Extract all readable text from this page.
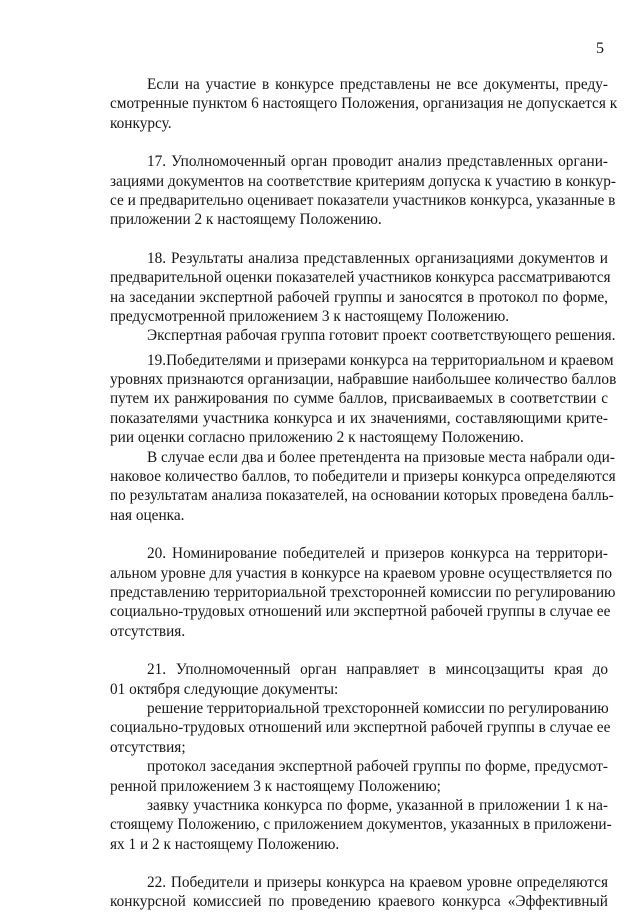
5
Если на участие в конкурсе представлены не все документы, преду-
смотренные пунктом 6 настоящего Положения, организация не допускается к
конкурсу.
17. Уполномоченный орган проводит анализ представленных органи-
зациями документов на соответствие критериям допуска к участию в конкур-
се и предварительно оценивает показатели участников конкурса, указанные в
приложении 2 к настоящему Положению.
18. Результаты анализа представленных организациями документов и
предварительной оценки показателей участников конкурса рассматриваются
на заседании экспертной рабочей группы и заносятся в протокол по форме,
предусмотренной приложением 3 к настоящему Положению.
Экспертная рабочая группа готовит проект соответствующего решения.
19.Победителями и призерами конкурса на территориальном и краевом
уровнях признаются организации, набравшие наибольшее количество баллов
путем их ранжирования по сумме баллов, присваиваемых в соответствии с
показателями участника конкурса и их значениями, составляющими крите-
рии оценки согласно приложению 2 к настоящему Положению.
В случае если два и более претендента на призовые места набрали оди-
наковое количество баллов, то победители и призеры конкурса определяются
по результатам анализа показателей, на основании которых проведена балль-
ная оценка.
20. Номинирование победителей и призеров конкурса на территори-
альном уровне для участия в конкурсе на краевом уровне осуществляется по
представлению территориальной трехсторонней комиссии по регулированию
социально-трудовых отношений или экспертной рабочей группы в случае ее
отсутствия.
21. Уполномоченный орган направляет в минсоцзащиты края до
01 октября следующие документы:
решение территориальной трехсторонней комиссии по регулированию
социально-трудовых отношений или экспертной рабочей группы в случае ее
отсутствия;
протокол заседания экспертной рабочей группы по форме, предусмот-
ренной приложением 3 к настоящему Положению;
заявку участника конкурса по форме, указанной в приложении 1 к на-
стоящему Положению, с приложением документов, указанных в приложени-
ях 1 и 2 к настоящему Положению.
22. Победители и призеры конкурса на краевом уровне определяются
конкурсной комиссией по проведению краевого конкурса «Эффективный
